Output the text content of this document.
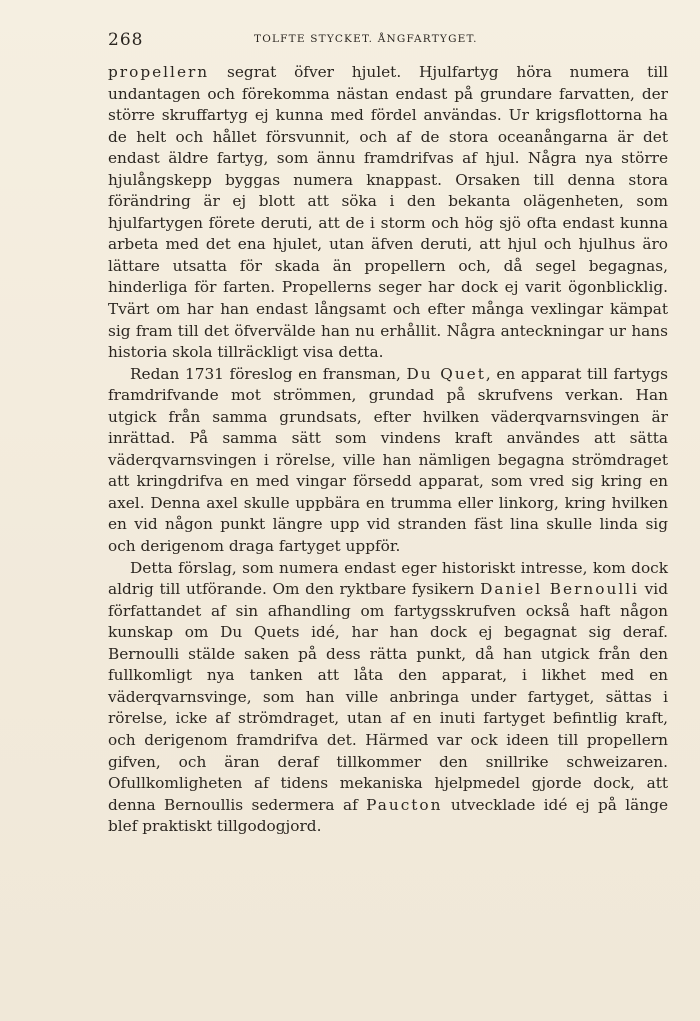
268	TOLFTE STYCKET. ÅNGFARTYGET.

propellern segrat öfver hjulet. Hjulfartyg höra numera till undantagen och förekomma nästan endast på grundare farvatten, der större skruffartyg ej kunna med fördel användas. Ur krigsflottorna ha de helt och hållet försvunnit, och af de stora oceanångarna är det endast äldre fartyg, som ännu framdrifvas af hjul. Några nya större hjulångskepp byggas numera knappast. Orsaken till denna stora förändring är ej blott att söka i den bekanta olägenheten, som hjulfartygen förete deruti, att de i storm och hög sjö ofta endast kunna arbeta med det ena hjulet, utan äfven deruti, att hjul och hjulhus äro lättare utsatta för skada än propellern och, då segel begagnas, hinderliga för farten. Propellerns seger har dock ej varit ögonblicklig. Tvärt om har han endast långsamt och efter många vexlingar kämpat sig fram till det öfvervälde han nu erhållit. Några anteckningar ur hans historia skola tillräckligt visa detta.

Redan 1731 föreslog en fransman, Du Quet, en apparat till fartygs framdrifvande mot strömmen, grundad på skrufvens verkan. Han utgick från samma grundsats, efter hvilken väderqvarnsvingen är inrättad. På samma sätt som vindens kraft användes att sätta väderqvarnsvingen i rörelse, ville han nämligen begagna strömdraget att kringdrifva en med vingar försedd apparat, som vred sig kring en axel. Denna axel skulle uppbära en trumma eller linkorg, kring hvilken en vid någon punkt längre upp vid stranden fäst lina skulle linda sig och derigenom draga fartyget uppför.

Detta förslag, som numera endast eger historiskt intresse, kom dock aldrig till utförande. Om den ryktbare fysikern Daniel Bernoulli vid författandet af sin afhandling om fartygsskrufven också haft någon kunskap om Du Quets idé, har han dock ej begagnat sig deraf. Bernoulli stälde saken på dess rätta punkt, då han utgick från den fullkomligt nya tanken att låta den apparat, i likhet med en väderqvarnsvinge, som han ville anbringa under fartyget, sättas i rörelse, icke af strömdraget, utan af en inuti fartyget befintlig kraft, och derigenom framdrifva det. Härmed var ock ideen till propellern gifven, och äran deraf tillkommer den snillrike schweizaren. Ofullkomligheten af tidens mekaniska hjelpmedel gjorde dock, att denna Bernoullis sedermera af Paucton utvecklade idé ej på länge blef praktiskt tillgodogjord.
